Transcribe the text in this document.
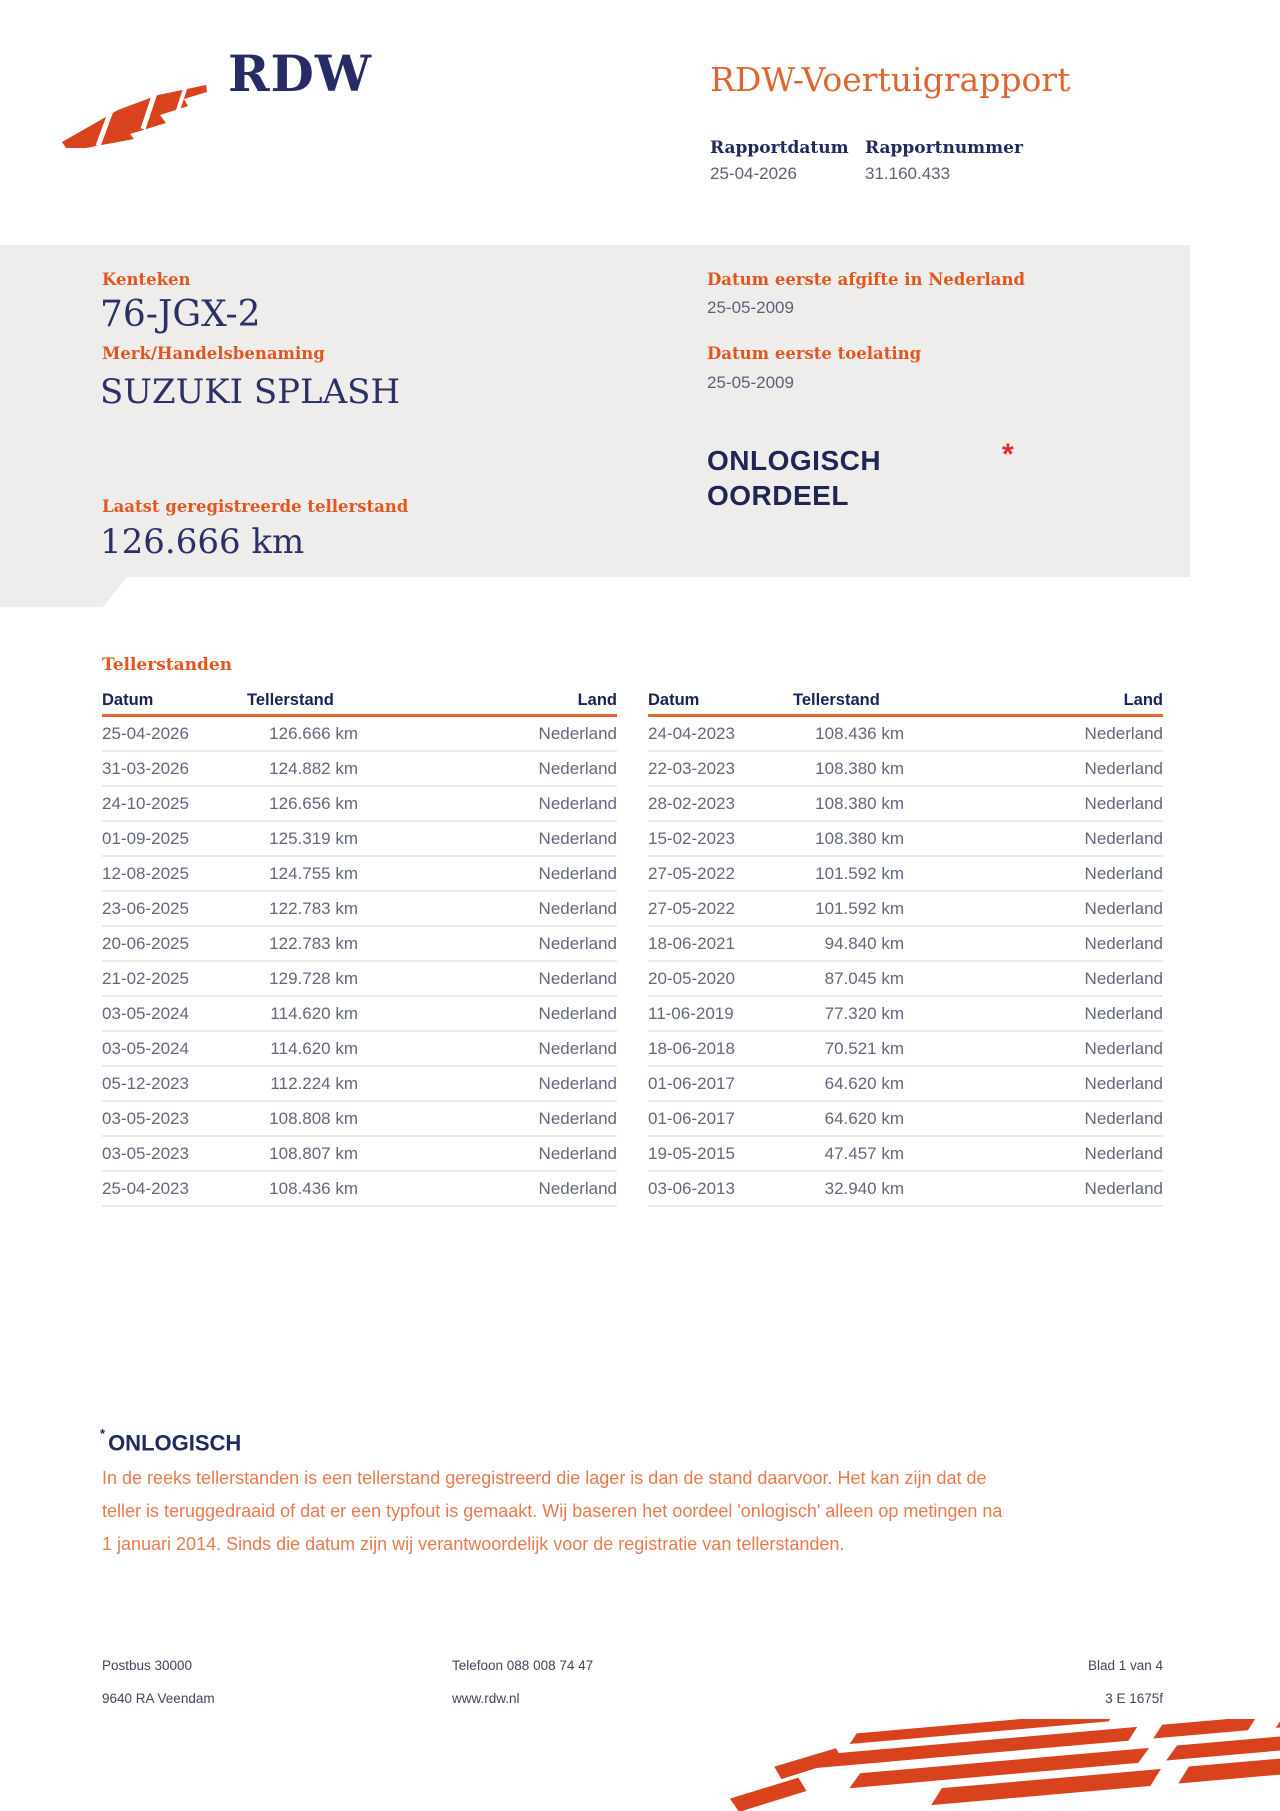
RDW	RDW-Voertuigrapport
Rapportdatum
25-04-2026
Rapportnummer
31.160.433
Kenteken
76-JGX-2
Merk/Handelsbenaming
SUZUKI SPLASH
Laatst geregistreerde tellerstand
126.666 km
Datum eerste afgifte in Nederland
25-05-2009
Datum eerste toelating
25-05-2009
ONLOGISCH
OORDEEL
*
Tellerstanden
Datum	Tellerstand	Land
25-04-2026	126.666 km	Nederland
31-03-2026	124.882 km	Nederland
24-10-2025	126.656 km	Nederland
01-09-2025	125.319 km	Nederland
12-08-2025	124.755 km	Nederland
23-06-2025	122.783 km	Nederland
20-06-2025	122.783 km	Nederland
21-02-2025	129.728 km	Nederland
03-05-2024	114.620 km	Nederland
03-05-2024	114.620 km	Nederland
05-12-2023	112.224 km	Nederland
03-05-2023	108.808 km	Nederland
03-05-2023	108.807 km	Nederland
25-04-2023	108.436 km	Nederland
Datum	Tellerstand	Land
24-04-2023	108.436 km	Nederland
22-03-2023	108.380 km	Nederland
28-02-2023	108.380 km	Nederland
15-02-2023	108.380 km	Nederland
27-05-2022	101.592 km	Nederland
27-05-2022	101.592 km	Nederland
18-06-2021	94.840 km	Nederland
20-05-2020	87.045 km	Nederland
11-06-2019	77.320 km	Nederland
18-06-2018	70.521 km	Nederland
01-06-2017	64.620 km	Nederland
01-06-2017	64.620 km	Nederland
19-05-2015	47.457 km	Nederland
03-06-2013	32.940 km	Nederland
* ONLOGISCH
In de reeks tellerstanden is een tellerstand geregistreerd die lager is dan de stand daarvoor. Het kan zijn dat de
teller is teruggedraaid of dat er een typfout is gemaakt. Wij baseren het oordeel 'onlogisch' alleen op metingen na
1 januari 2014. Sinds die datum zijn wij verantwoordelijk voor de registratie van tellerstanden.
Postbus 30000
9640 RA Veendam
Telefoon 088 008 74 47
www.rdw.nl
Blad 1 van 4
3 E 1675f
